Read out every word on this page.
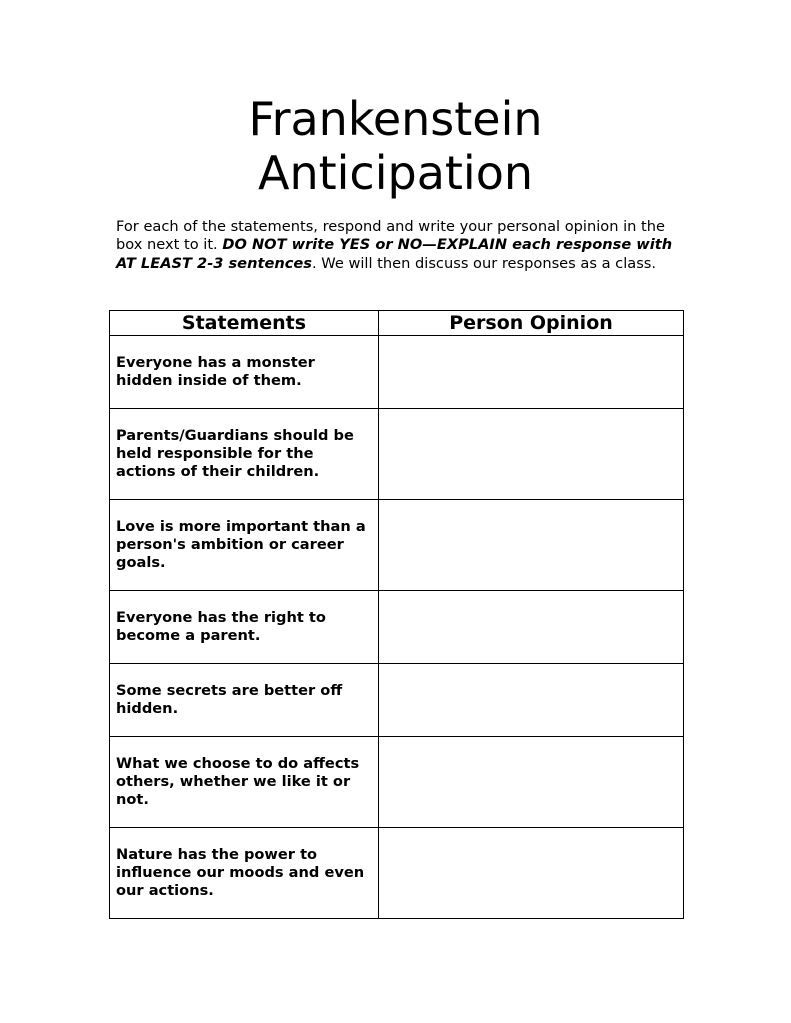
Frankenstein
Anticipation

For each of the statements, respond and write your personal opinion in the box next to it. DO NOT write YES or NO—EXPLAIN each response with AT LEAST 2-3 sentences. We will then discuss our responses as a class.

Statements	Person Opinion
Everyone has a monster hidden inside of them.	
Parents/Guardians should be held responsible for the actions of their children.	
Love is more important than a person's ambition or career goals.	
Everyone has the right to become a parent.	
Some secrets are better off hidden.	
What we choose to do affects others, whether we like it or not.	
Nature has the power to influence our moods and even our actions.	
